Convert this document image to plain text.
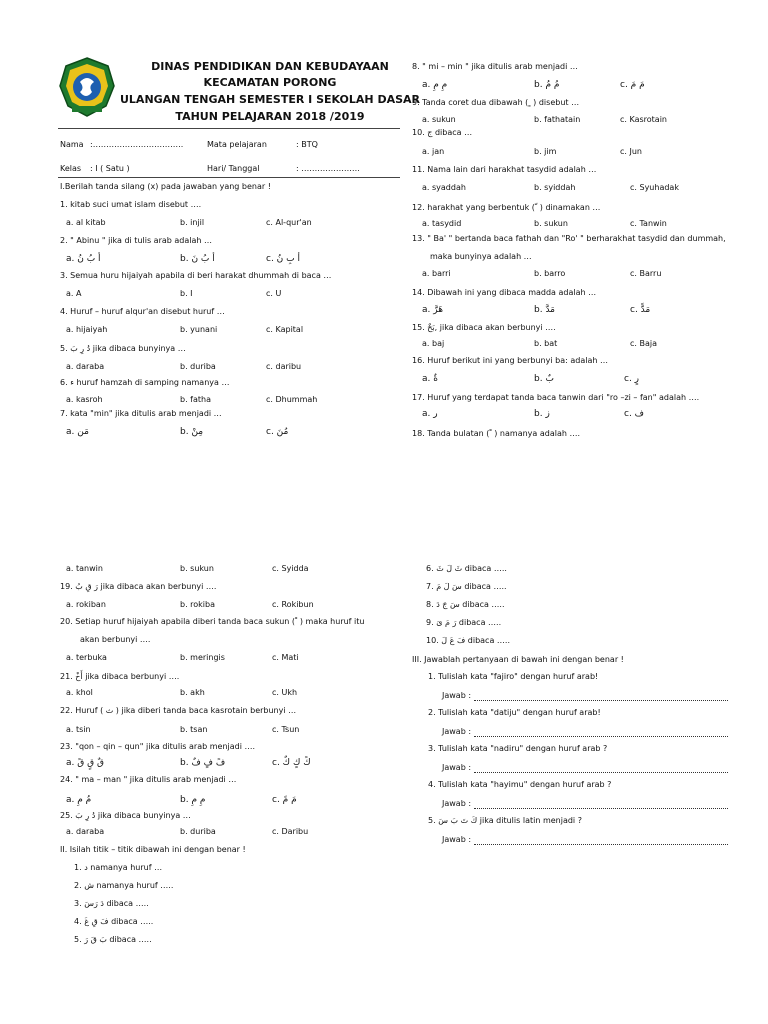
DINAS PENDIDIKAN DAN KEBUDAYAAN
KECAMATAN PORONG
ULANGAN TENGAH SEMESTER I SEKOLAH DASAR
TAHUN PELAJARAN 2018 /2019
Nama :…………………………….	Mata pelajaran	: BTQ
Kelas : I ( Satu )	Hari/ Tanggal	: ………………….
I.Berilah tanda silang (x) pada jawaban yang benar !
1. kitab suci umat islam disebut ….
a. al kitab	b. injil	c. Al-qur'an
2. " Abinu " jika di tulis arab adalah …
a. أ بُ نُ	b. أ بُ نَ	c. أ بِ نُ
3. Semua huru hijaiyah apabila di beri harakat dhummah di baca …
a. A	b. I	c. U
4. Huruf – huruf alqur'an disebut huruf …
a. hijaiyah	b. yunani	c. Kapital
5. دُ رِ بَ jika dibaca bunyinya …
a. daraba	b. duriba	c. daribu
6. ء huruf hamzah di samping namanya …
a. kasroh	b. fatha	c. Dhummah
7. kata "min" jika ditulis arab menjadi …
a. مَن	b. مِنْ	c. مُنَ
8. " mi – min " jika ditulis arab menjadi …
a. مِ مِ	b. مُ مُ	c. مَ مَ
9. Tanda coret dua dibawah ( ٍ ) disebut …
a. sukun	b. fathatain	c. Kasrotain
10. ج dibaca …
a. jan	b. jim	c. Jun
11. Nama lain dari harakhat tasydid adalah …
a. syaddah	b. syiddah	c. Syuhadak
12. harakhat yang berbentuk ( ّ ) dinamakan …
a. tasydid	b. sukun	c. Tanwin
13. " Ba' " bertanda baca fathah dan "Ro' " berharakhat tasydid dan dummah,
maka bunyinya adalah …
a. barri	b. barro	c. Barru
14. Dibawah ini yang dibaca madda adalah …
a. هَرَّ	b. مَدَّ	c. مَدًّ
15. بَخٌ, jika dibaca akan berbunyi ….
a. baj	b. bat	c. Baja
16. Huruf berikut ini yang berbunyi ba: adalah …
a. ةٌ	b. بٌ	c. رٍ
17. Huruf yang terdapat tanda baca tanwin dari "ro –zi – fan" adalah ….
a. ر	b. ز	c. ف
18. Tanda bulatan ( ْ ) namanya adalah ….
a. tanwin	b. sukun	c. Syidda
19. رَ قِ بُ jika dibaca akan berbunyi ….
a. rokiban	b. rokiba	c. Rokibun
20. Setiap huruf hijaiyah apabila diberi tanda baca sukun ( ْ ) maka huruf itu
akan berbunyi ….
a. terbuka	b. meringis	c. Mati
21. أَخْ jika dibaca berbunyi ….
a. khol	b. akh	c. Ukh
22. Huruf ( ث ) jika diberi tanda baca kasrotain berbunyi …
a. tsin	b. tsan	c. Tsun
23. "qon – qin – qun" jika ditulis arab menjadi ….
a. قٌ قٍ قً	b. فً فٍ فٌ	c. كً كٍ كٌ
24. " ma – man " jika ditulis arab menjadi …
a. مُ مِ	b. مِ مِ	c. مَ مً
25. دُ رِ بَ jika dibaca bunyinya …
a. daraba	b. duriba	c. Daribu
II. Isilah titik – titik dibawah ini dengan benar !
1. د namanya huruf …
2. ش namanya huruf …..
3. دَ رَسَ dibaca …..
4. فَ قِ غَ dibaca …..
5. بَ قَ رَ dibaca …..
6. ثَ لَ ثَ dibaca …..
7. سَ لَ مَ dibaca …..
8. سَ جَ دَ dibaca …..
9. رَ مَ ىَ dibaca …..
10. فَ عَ لَ dibaca …..
III. Jawablah pertanyaan di bawah ini dengan benar !
1. Tulislah kata "fajiro" dengan huruf arab!
Jawab :
2. Tulislah kata "datiju" dengan huruf arab!
Jawab :
3. Tulislah kata "nadiru" dengan huruf arab ?
Jawab :
4. Tulislah kata "hayimu" dengan huruf arab ?
Jawab :
5. كَ تَ بَ سَ jika ditulis latin menjadi ?
Jawab :
